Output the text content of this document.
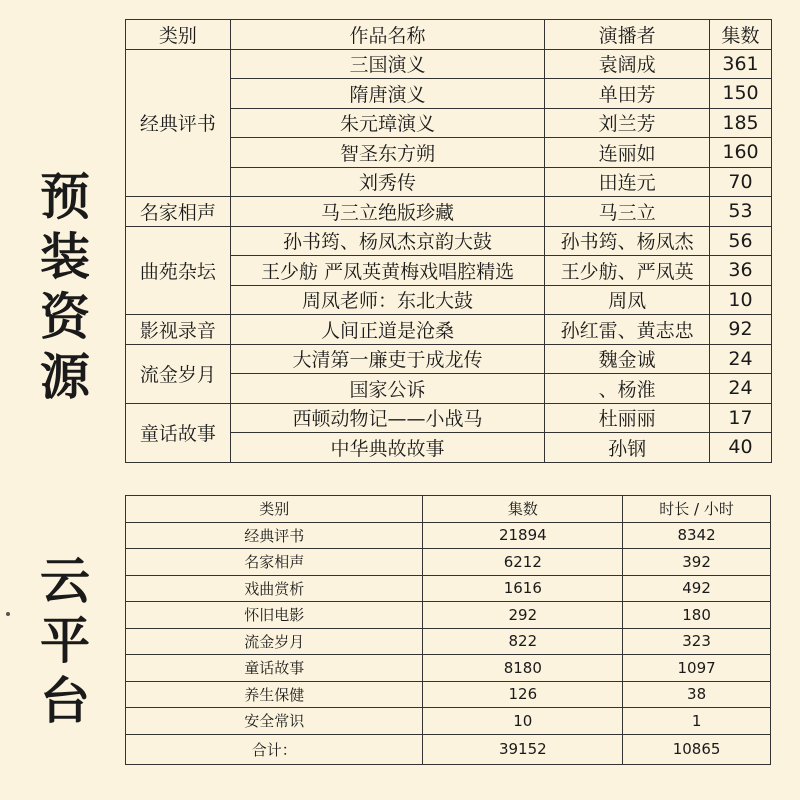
预
装
资
源
云
平
台
类别	作品名称	演播者	集数
经典评书	三国演义	袁阔成	361
	隋唐演义	单田芳	150
	朱元璋演义	刘兰芳	185
	智圣东方朔	连丽如	160
	刘秀传	田连元	70
名家相声	马三立绝版珍藏	马三立	53
曲苑杂坛	孙书筠、杨凤杰京韵大鼓	孙书筠、杨凤杰	56
	王少舫 严凤英黄梅戏唱腔精选	王少舫、严凤英	36
	周凤老师：东北大鼓	周凤	10
影视录音	人间正道是沧桑	孙红雷、黄志忠	92
流金岁月	大清第一廉吏于成龙传	魏金诚	24
	国家公诉	、杨淮	24
童话故事	西顿动物记——小战马	杜丽丽	17
	中华典故故事	孙钢	40
类别	集数	时长 / 小时
经典评书	21894	8342
名家相声	6212	392
戏曲赏析	1616	492
怀旧电影	292	180
流金岁月	822	323
童话故事	8180	1097
养生保健	126	38
安全常识	10	1
合计：	39152	10865
